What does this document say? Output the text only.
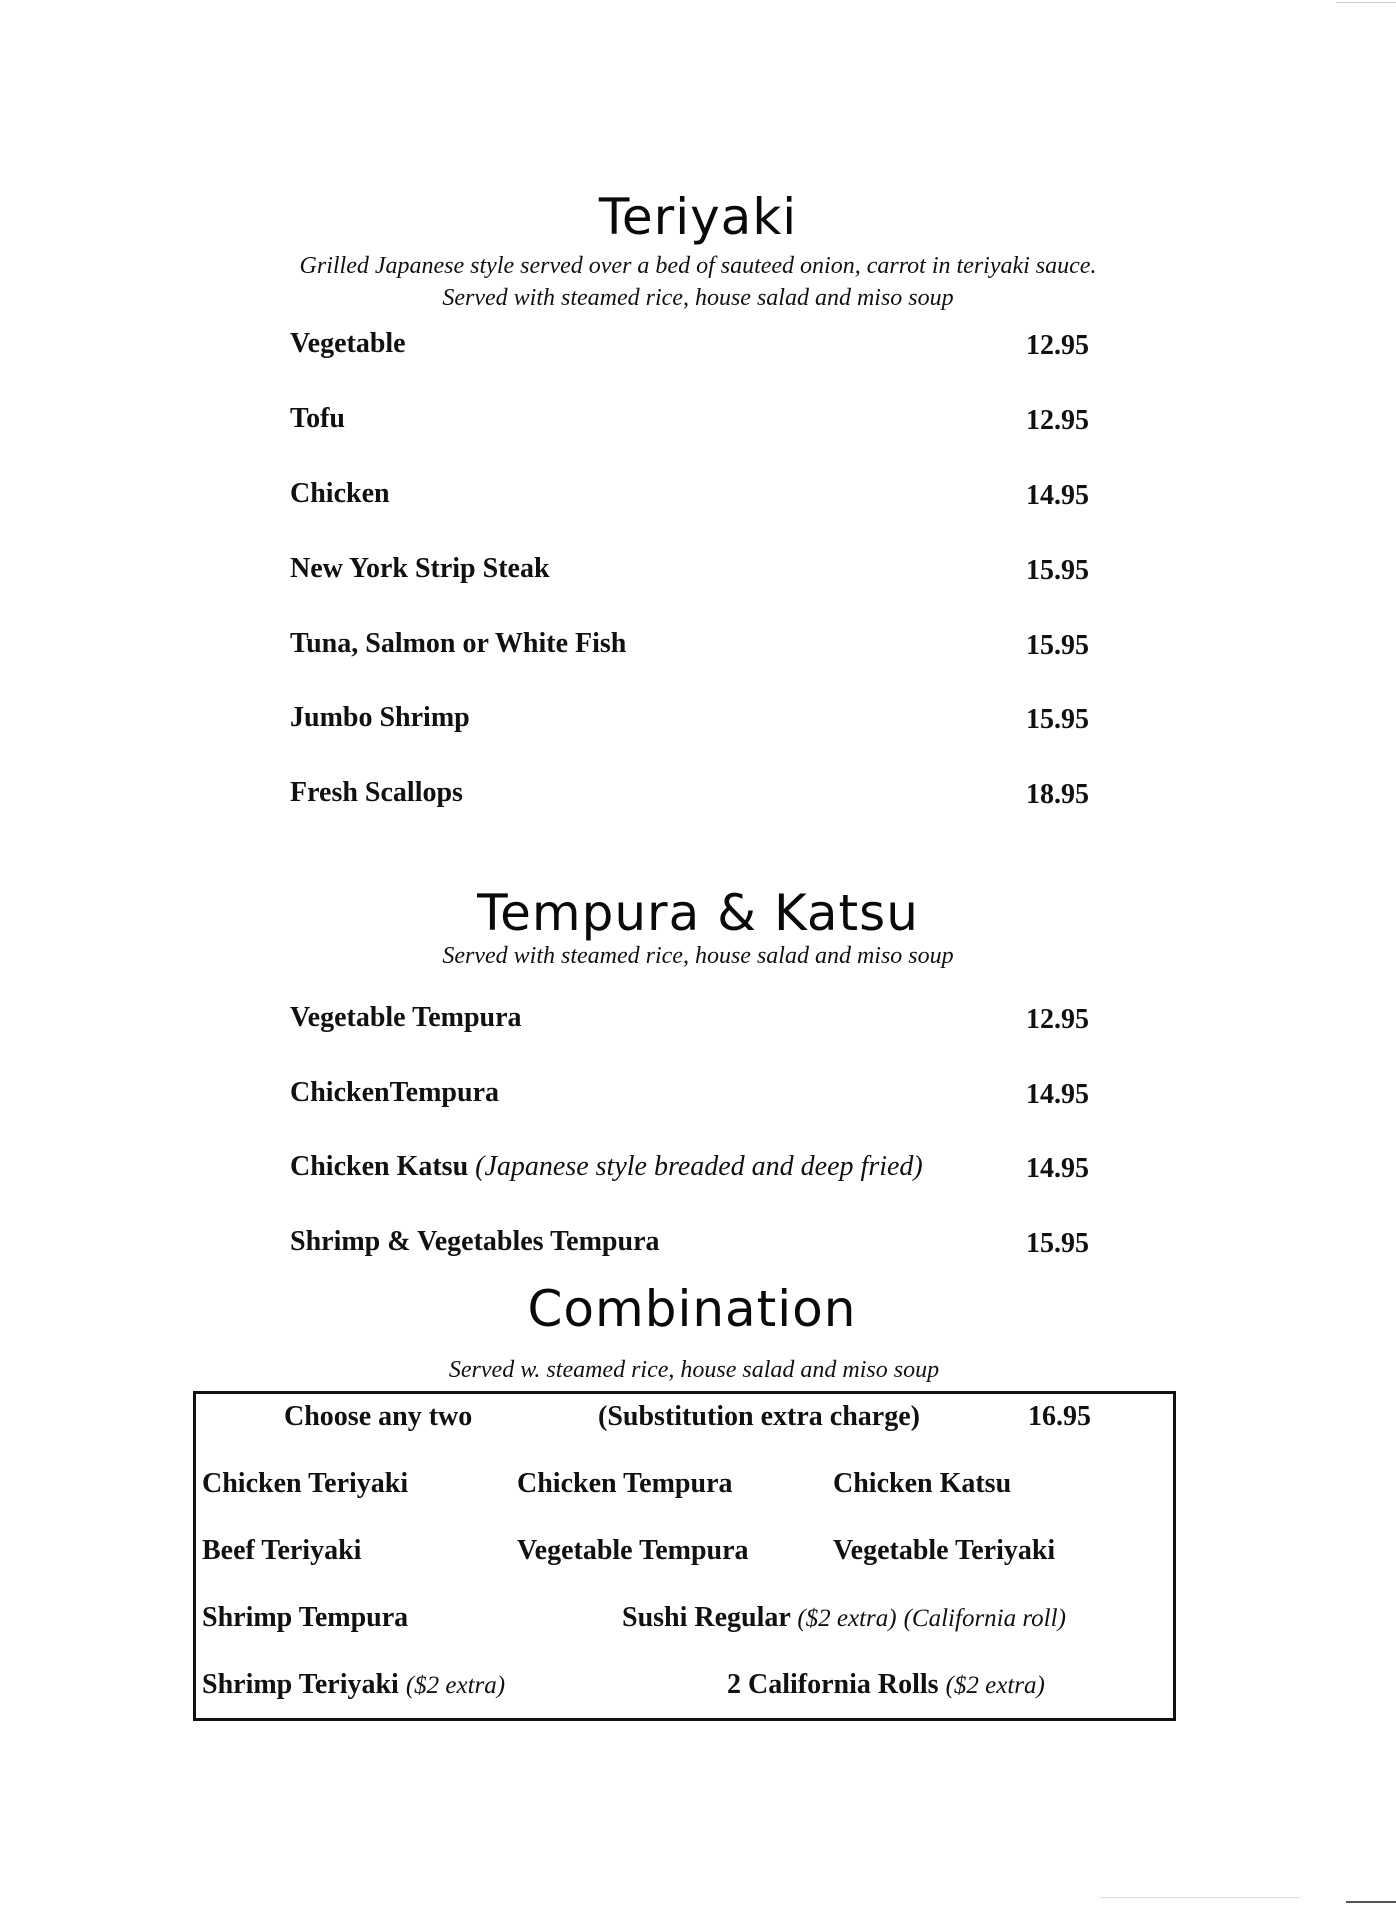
Teriyaki
Grilled Japanese style served over a bed of sauteed onion, carrot in teriyaki sauce.
Served with steamed rice, house salad and miso soup
Vegetable	12.95
Tofu	12.95
Chicken	14.95
New York Strip Steak	15.95
Tuna, Salmon or White Fish	15.95
Jumbo Shrimp	15.95
Fresh Scallops	18.95
Tempura & Katsu
Served with steamed rice, house salad and miso soup
Vegetable Tempura	12.95
ChickenTempura	14.95
Chicken Katsu (Japanese style breaded and deep fried)	14.95
Shrimp & Vegetables Tempura	15.95
Combination
Served w. steamed rice, house salad and miso soup
Choose any two	(Substitution extra charge)	16.95
Chicken Teriyaki	Chicken Tempura	Chicken Katsu
Beef Teriyaki	Vegetable Tempura	Vegetable Teriyaki
Shrimp Tempura	Sushi Regular ($2 extra) (California roll)
Shrimp Teriyaki ($2 extra)	2 California Rolls ($2 extra)
